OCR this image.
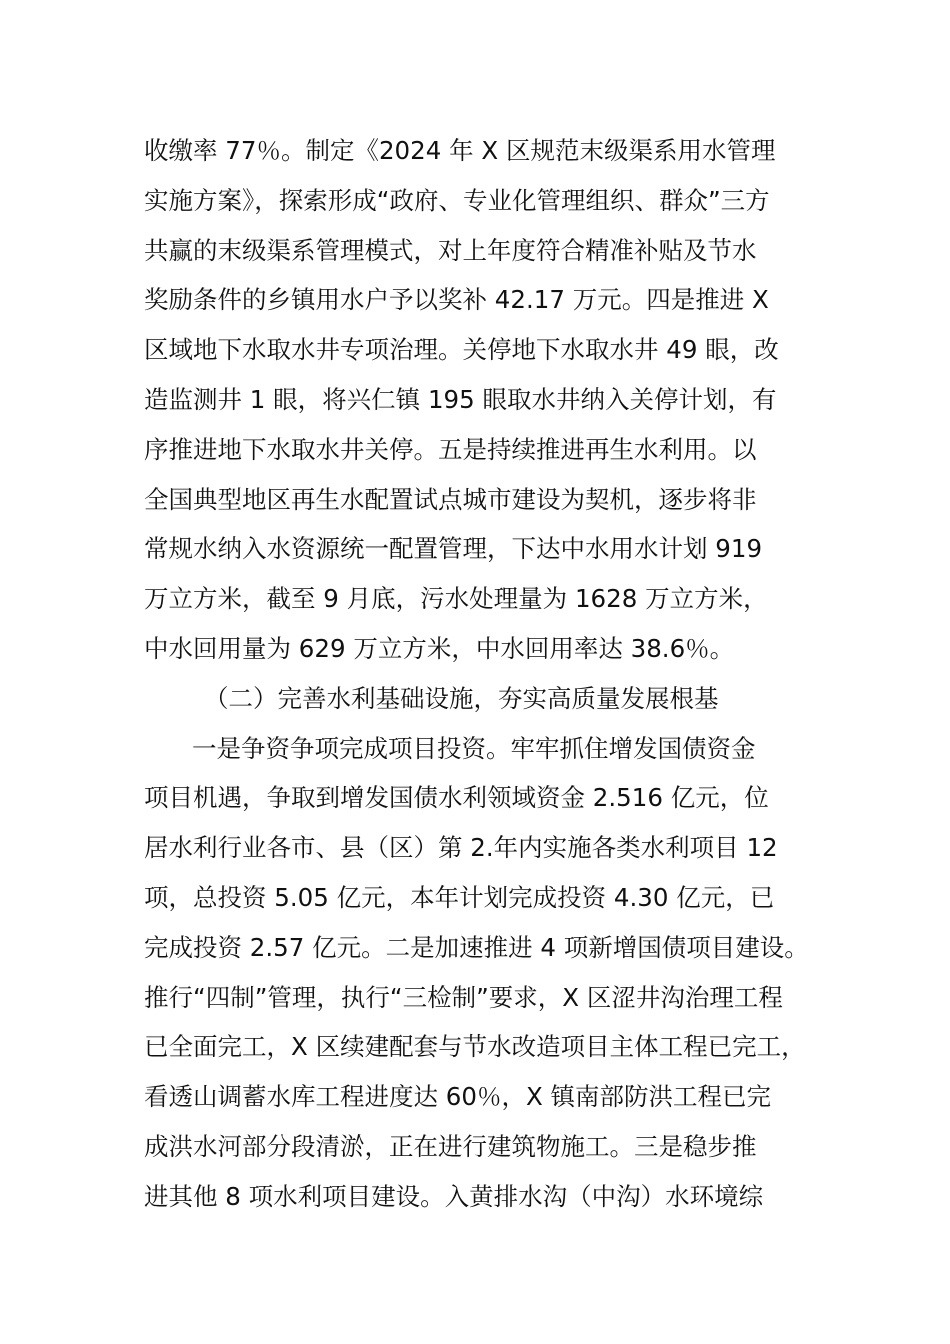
收缴率 77％。制定《2024 年 X 区规范末级渠系用水管理
实施方案》，探索形成“政府、专业化管理组织、群众”三方
共赢的末级渠系管理模式，对上年度符合精准补贴及节水
奖励条件的乡镇用水户予以奖补 42.17 万元。四是推进 X
区域地下水取水井专项治理。关停地下水取水井 49 眼，改
造监测井 1 眼，将兴仁镇 195 眼取水井纳入关停计划，有
序推进地下水取水井关停。五是持续推进再生水利用。以
全国典型地区再生水配置试点城市建设为契机，逐步将非
常规水纳入水资源统一配置管理，下达中水用水计划 919
万立方米，截至 9 月底，污水处理量为 1628 万立方米，
中水回用量为 629 万立方米，中水回用率达 38.6％。
（二）完善水利基础设施，夯实高质量发展根基
一是争资争项完成项目投资。牢牢抓住增发国债资金
项目机遇，争取到增发国债水利领域资金 2.516 亿元，位
居水利行业各市、县（区）第 2.年内实施各类水利项目 12
项，总投资 5.05 亿元，本年计划完成投资 4.30 亿元，已
完成投资 2.57 亿元。二是加速推进 4 项新增国债项目建设。
推行“四制”管理，执行“三检制”要求，X 区涩井沟治理工程
已全面完工，X 区续建配套与节水改造项目主体工程已完工，
看透山调蓄水库工程进度达 60％，X 镇南部防洪工程已完
成洪水河部分段清淤，正在进行建筑物施工。三是稳步推
进其他 8 项水利项目建设。入黄排水沟（中沟）水环境综
